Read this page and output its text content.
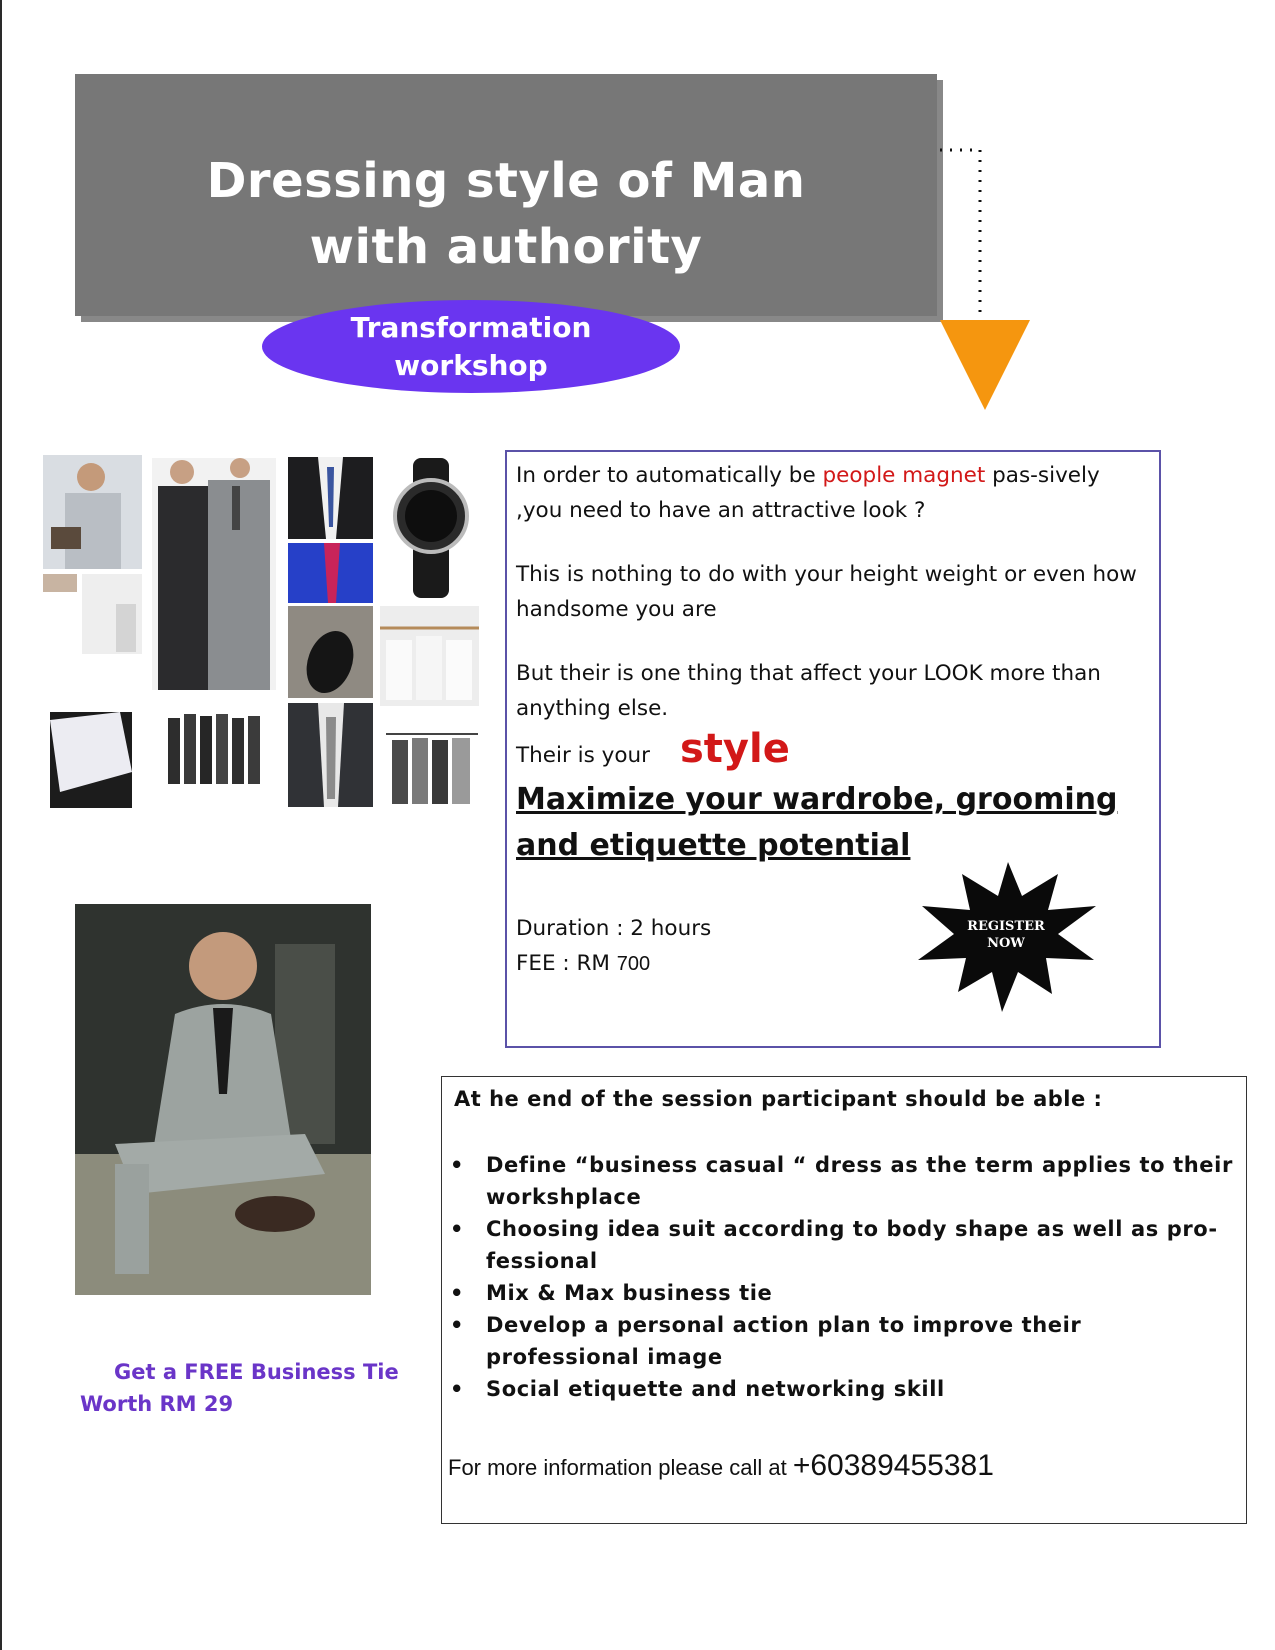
Dressing style of Man
with authority
Transformation
workshop

In order to automatically be people magnet pas-sively ,you need to have an attractive look ?

This is nothing to do with your height weight or even how handsome you are

But their is one thing that affect your LOOK more than anything else.

Their is your style

Maximize your wardrobe, grooming and etiquette potential

Duration : 2 hours

FEE : RM 700

REGISTER
NOW
At he end of the session participant should be able :
• Define “business casual “ dress as the term applies to their workshplace
• Choosing idea suit according to body shape as well as pro-fessional
• Mix & Max business tie
• Develop a personal action plan to improve their professional image
• Social etiquette and networking skill
For more information please call at +60389455381
Get a FREE Business Tie
Worth RM 29
